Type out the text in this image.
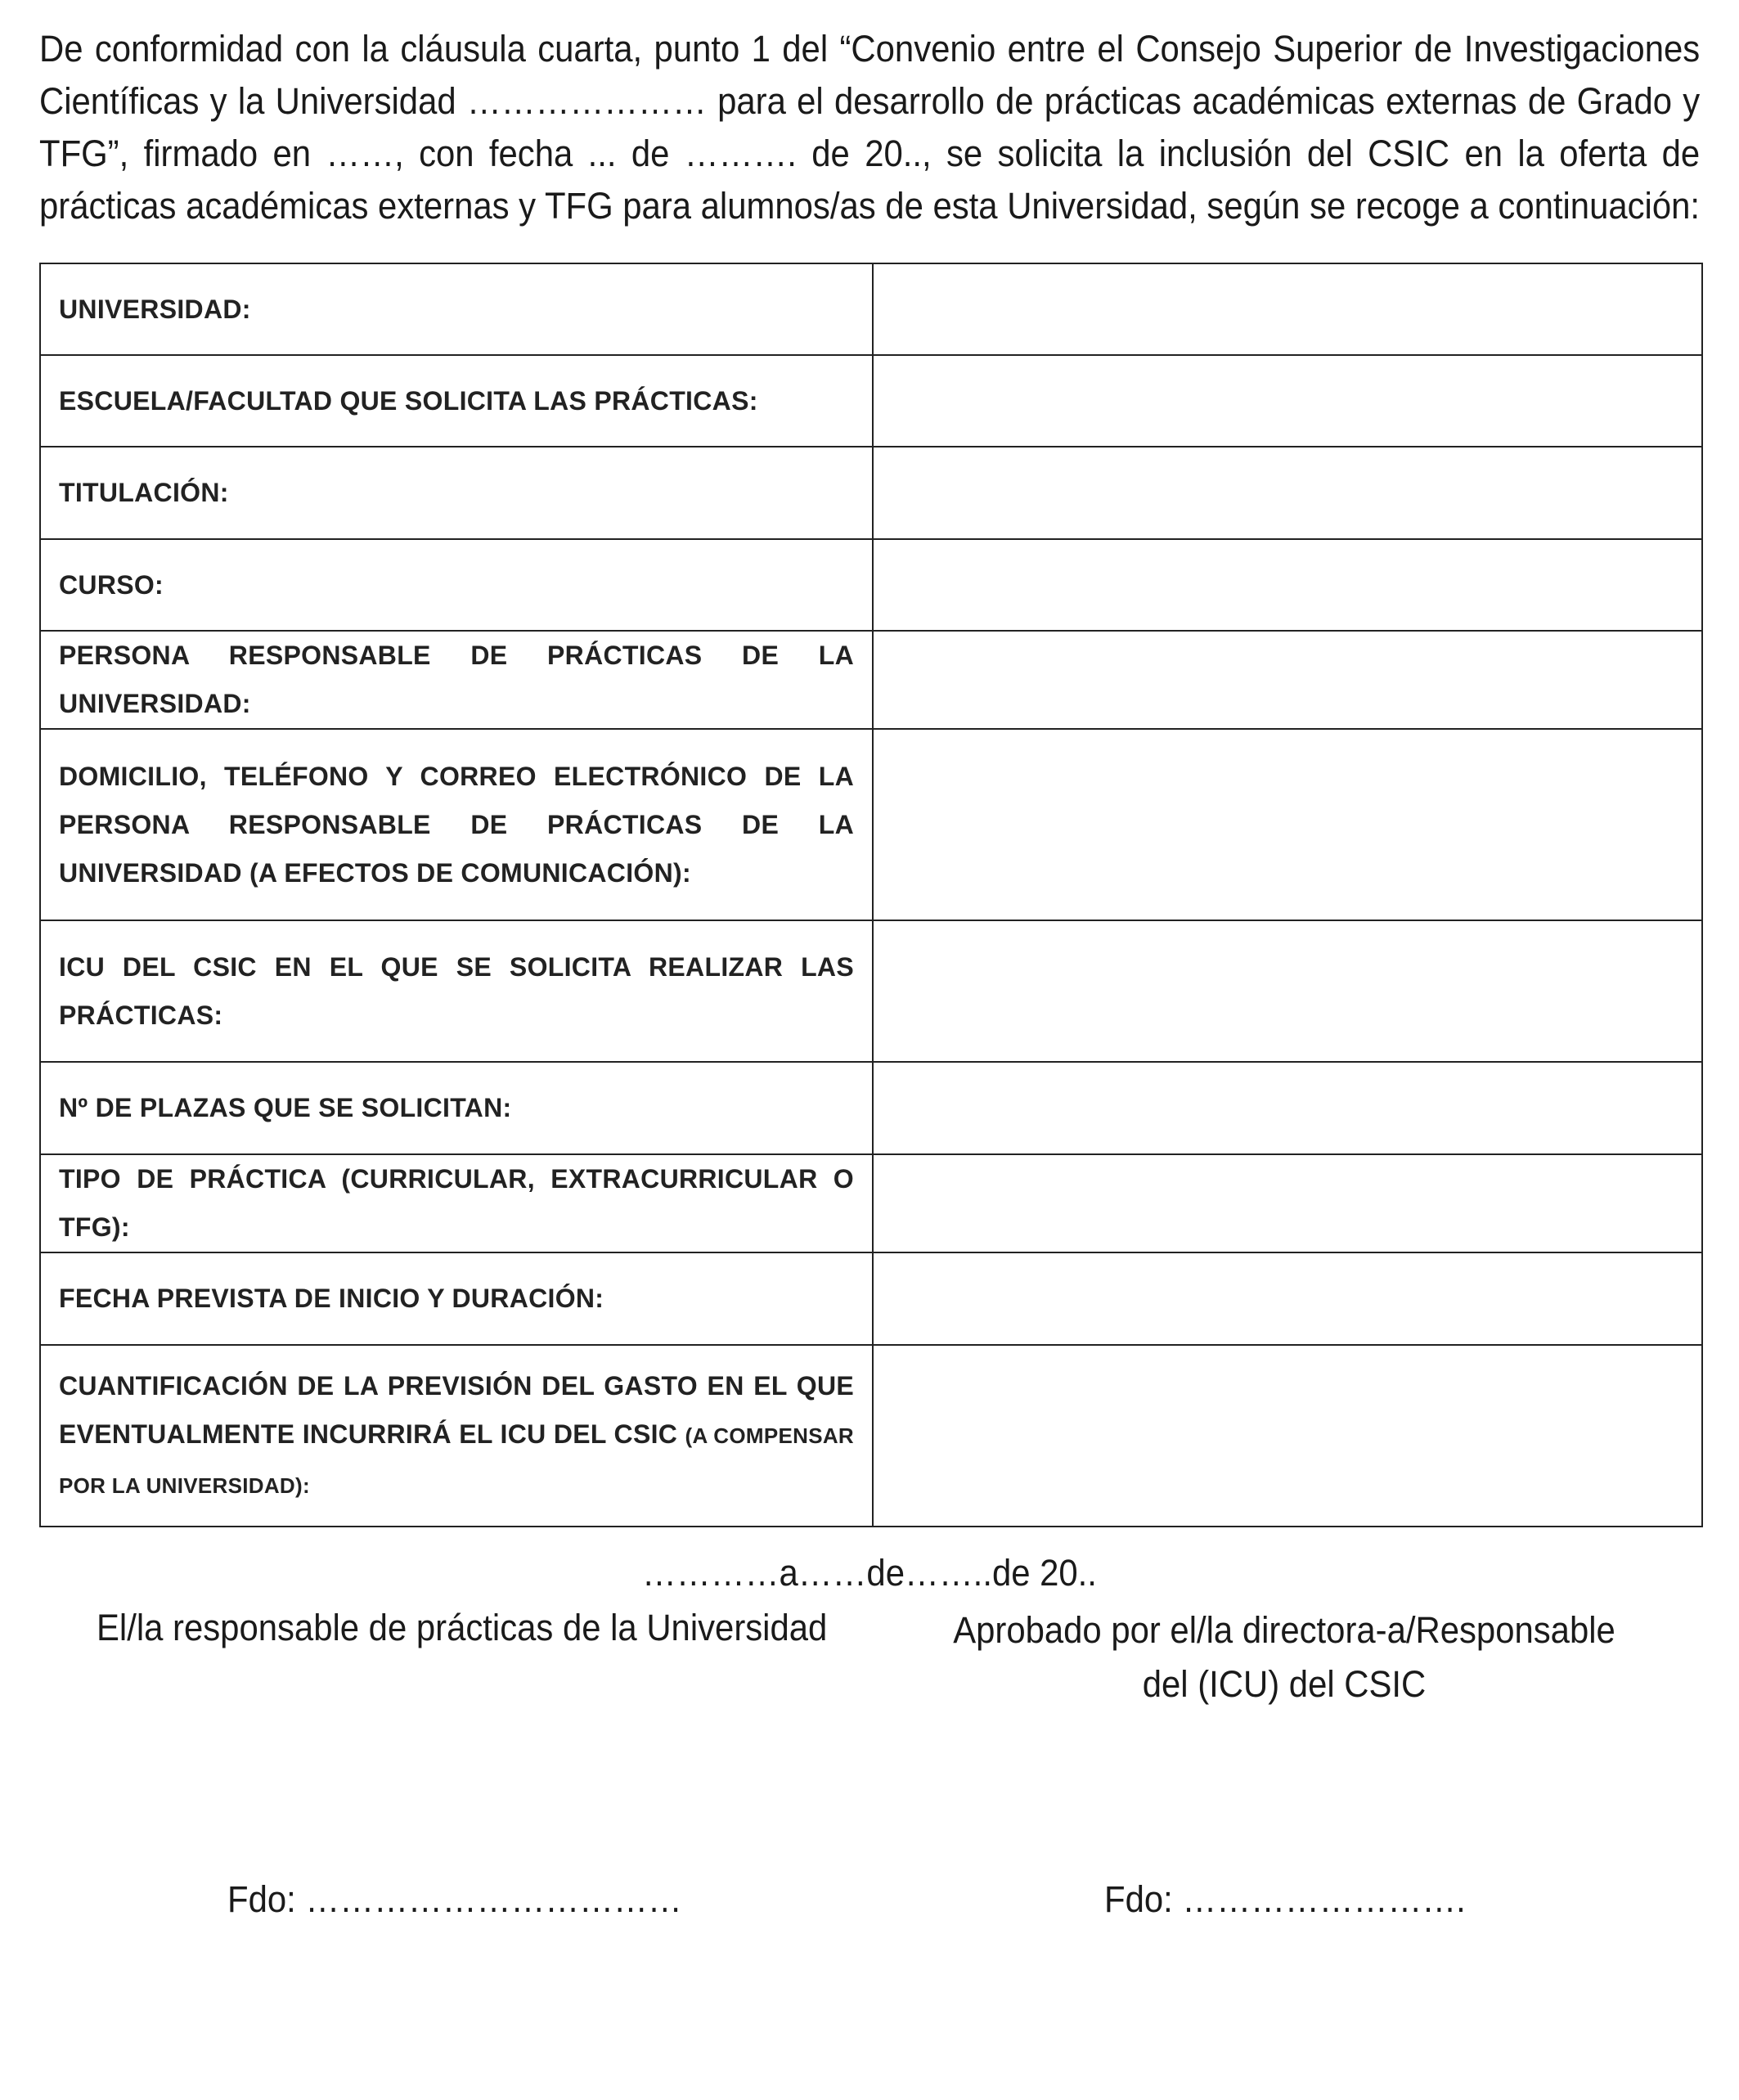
De conformidad con la cláusula cuarta, punto 1 del “Convenio entre el Consejo Superior de Investigaciones Científicas y la Universidad ………………… para el desarrollo de prácticas académicas externas de Grado y TFG”, firmado en ……, con fecha ... de ………. de 20.., se solicita la inclusión del CSIC en la oferta de prácticas académicas externas y TFG para alumnos/as de esta Universidad, según se recoge a continuación:
UNIVERSIDAD:	
ESCUELA/FACULTAD QUE SOLICITA LAS PRÁCTICAS:	
TITULACIÓN:	
CURSO:	
PERSONA RESPONSABLE DE PRÁCTICAS DE LA UNIVERSIDAD:	
DOMICILIO, TELÉFONO Y CORREO ELECTRÓNICO DE LA PERSONA RESPONSABLE DE PRÁCTICAS DE LA UNIVERSIDAD (A EFECTOS DE COMUNICACIÓN):	
ICU DEL CSIC EN EL QUE SE SOLICITA REALIZAR LAS PRÁCTICAS:	
Nº DE PLAZAS QUE SE SOLICITAN:	
TIPO DE PRÁCTICA (CURRICULAR, EXTRACURRICULAR O TFG):	
FECHA PREVISTA DE INICIO Y DURACIÓN:	
CUANTIFICACIÓN DE LA PREVISIÓN DEL GASTO EN EL QUE EVENTUALMENTE INCURRIRÁ EL ICU DEL CSIC (A COMPENSAR POR LA UNIVERSIDAD):	
…………a……de……..de 20..
El/la responsable de prácticas de la Universidad	Aprobado por el/la directora-a/Responsable del (ICU) del CSIC
Fdo: ……………………………	Fdo: …………………….
